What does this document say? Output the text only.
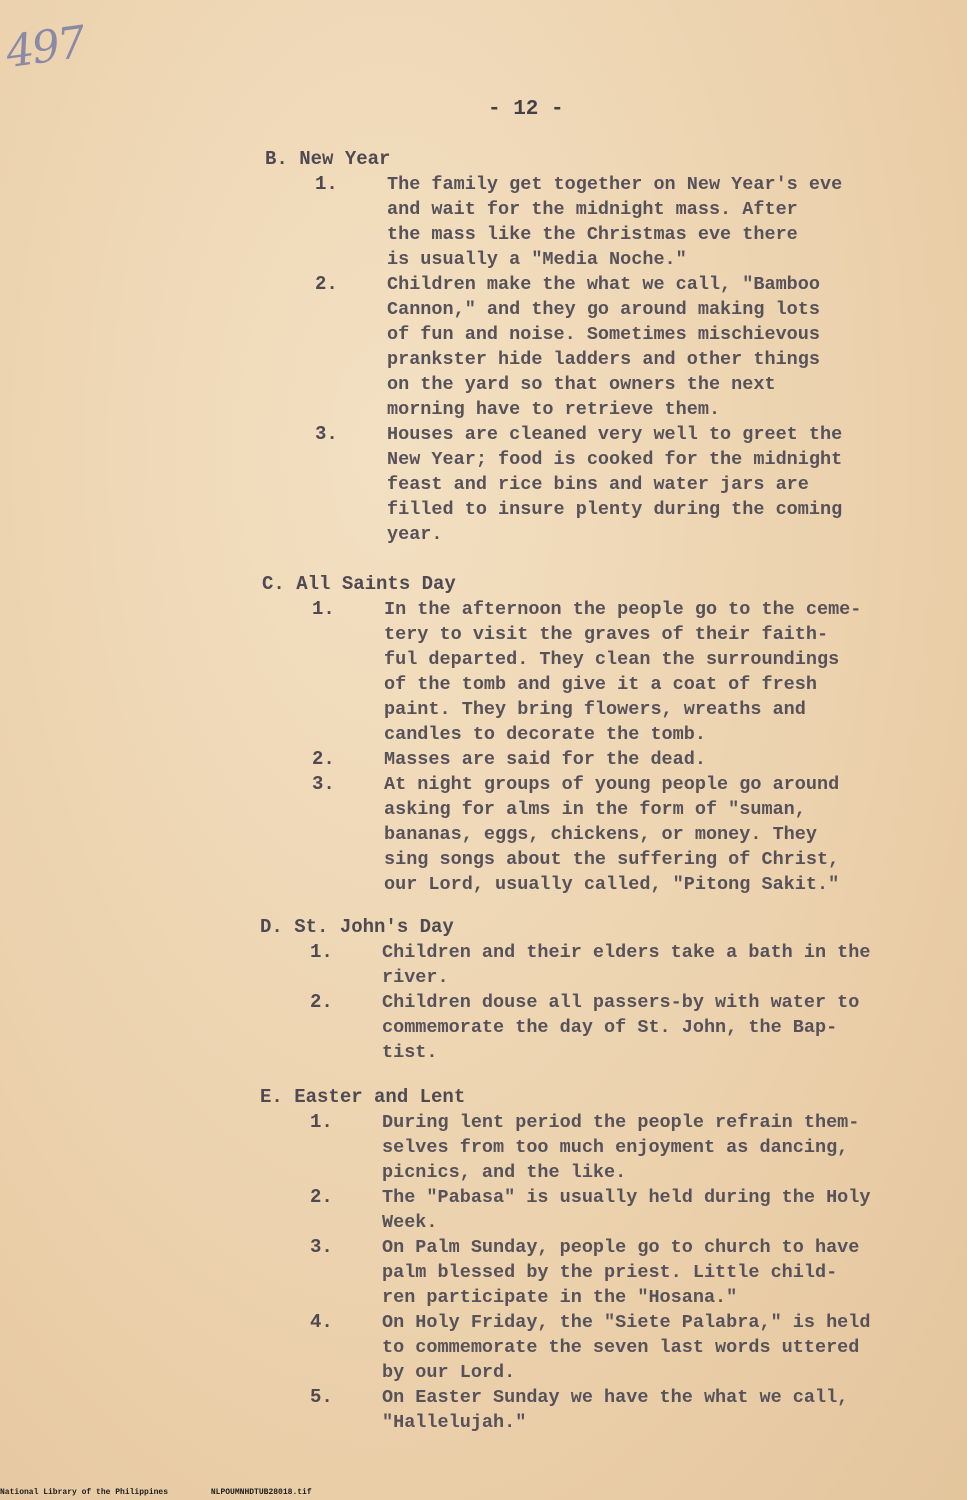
497
- 12 -
B. New Year
1.	The family get together on New Year's eve
and wait for the midnight mass. After
the mass like the Christmas eve there
is usually a "Media Noche."
2.	Children make the what we call, "Bamboo
Cannon," and they go around making lots
of fun and noise. Sometimes mischievous
prankster hide ladders and other things
on the yard so that owners the next
morning have to retrieve them.
3.	Houses are cleaned very well to greet the
New Year; food is cooked for the midnight
feast and rice bins and water jars are
filled to insure plenty during the coming
year.
C. All Saints Day
1.	In the afternoon the people go to the ceme-
tery to visit the graves of their faith-
ful departed. They clean the surroundings
of the tomb and give it a coat of fresh
paint. They bring flowers, wreaths and
candles to decorate the tomb.
2.	Masses are said for the dead.
3.	At night groups of young people go around
asking for alms in the form of "suman,
bananas, eggs, chickens, or money. They
sing songs about the suffering of Christ,
our Lord, usually called, "Pitong Sakit."
D. St. John's Day
1.	Children and their elders take a bath in the
river.
2.	Children douse all passers-by with water to
commemorate the day of St. John, the Bap-
tist.
E. Easter and Lent
1.	During lent period the people refrain them-
selves from too much enjoyment as dancing,
picnics, and the like.
2.	The "Pabasa" is usually held during the Holy
Week.
3.	On Palm Sunday, people go to church to have
palm blessed by the priest. Little child-
ren participate in the "Hosana."
4.	On Holy Friday, the "Siete Palabra," is held
to commemorate the seven last words uttered
by our Lord.
5.	On Easter Sunday we have the what we call,
"Hallelujah."
National Library of the Philippines	NLPOUMNHDTUB28018.tif
